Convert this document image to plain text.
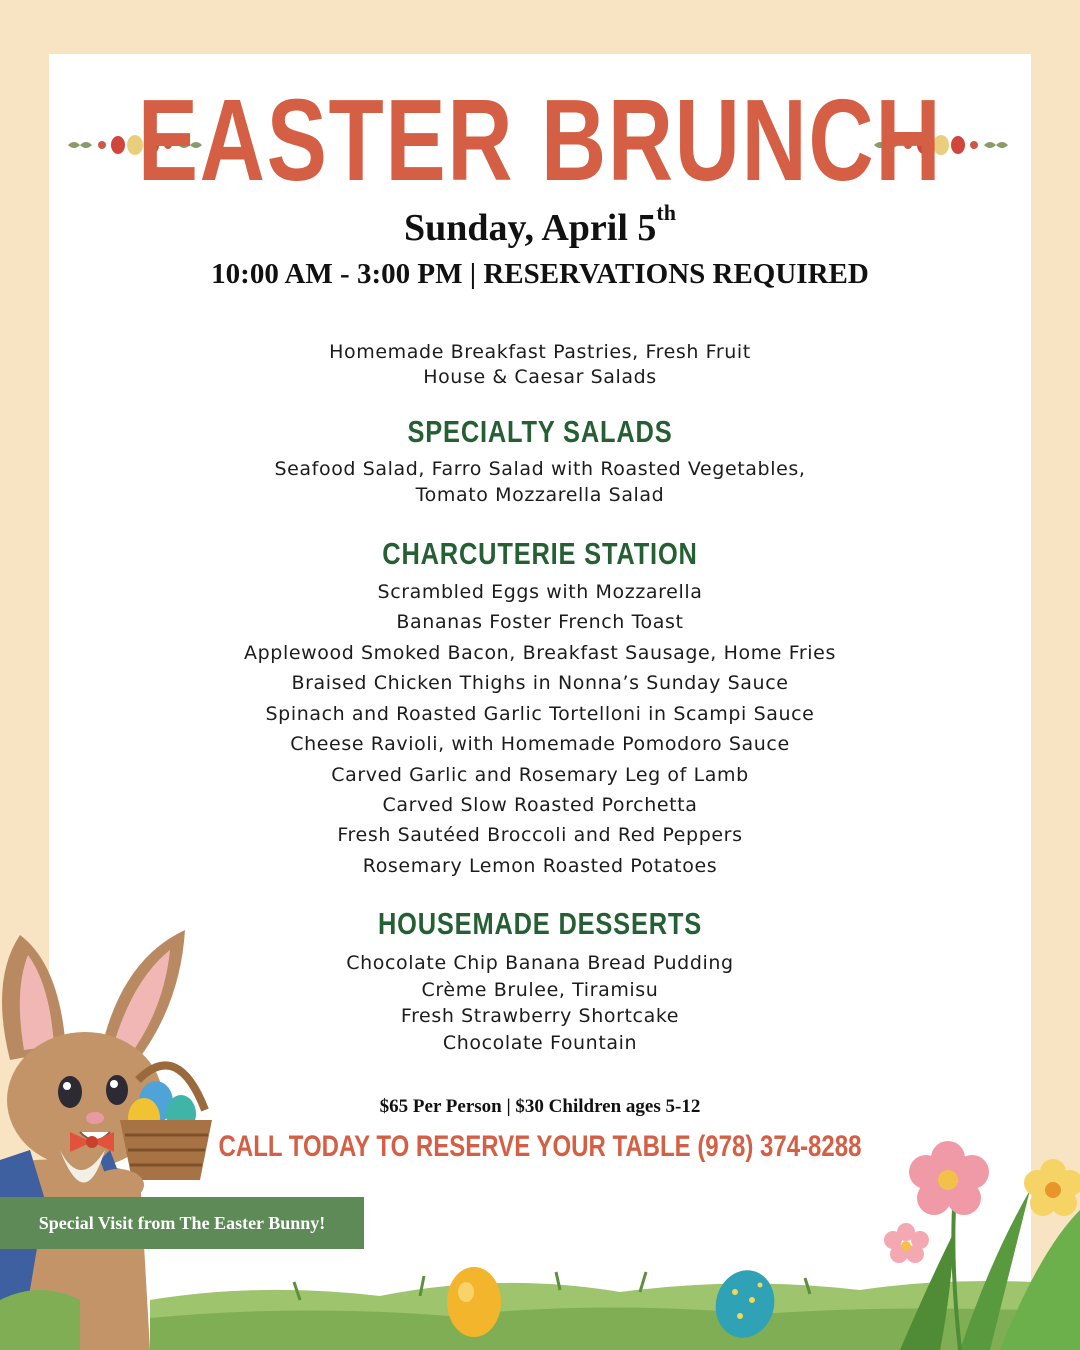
EASTER BRUNCH
Sunday, April 5th
10:00 AM - 3:00 PM | RESERVATIONS REQUIRED
Homemade Breakfast Pastries, Fresh Fruit
House & Caesar Salads
SPECIALTY SALADS
Seafood Salad, Farro Salad with Roasted Vegetables,
Tomato Mozzarella Salad
CHARCUTERIE STATION
Scrambled Eggs with Mozzarella
Bananas Foster French Toast
Applewood Smoked Bacon, Breakfast Sausage, Home Fries
Braised Chicken Thighs in Nonna’s Sunday Sauce
Spinach and Roasted Garlic Tortelloni in Scampi Sauce
Cheese Ravioli, with Homemade Pomodoro Sauce
Carved Garlic and Rosemary Leg of Lamb
Carved Slow Roasted Porchetta
Fresh Sautéed Broccoli and Red Peppers
Rosemary Lemon Roasted Potatoes
HOUSEMADE DESSERTS
Chocolate Chip Banana Bread Pudding
Crème Brulee, Tiramisu
Fresh Strawberry Shortcake
Chocolate Fountain
$65 Per Person | $30 Children ages 5-12
CALL TODAY TO RESERVE YOUR TABLE (978) 374-8288
Special Visit from The Easter Bunny!
